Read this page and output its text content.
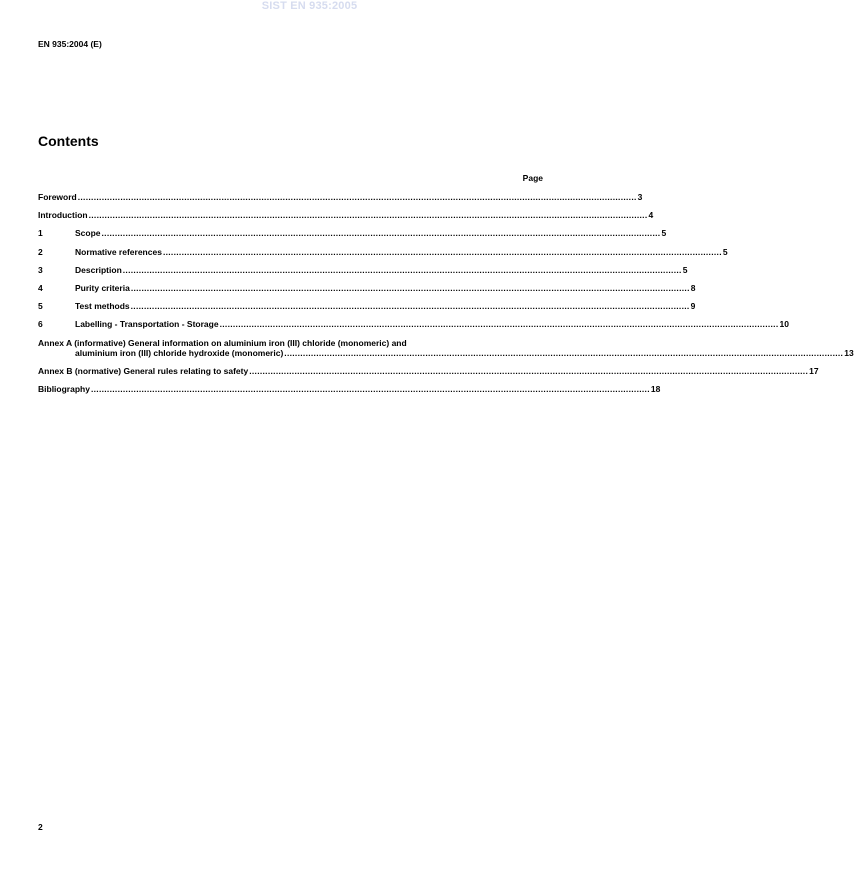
SIST EN 935:2005
EN 935:2004 (E)
Contents
Page
Foreword .................................................................................................................................................................................................................. 3
Introduction .................................................................................................................................................................................................................. 4
1	Scope .................................................................................................................................................................................................................. 5
2	Normative references .................................................................................................................................................................................................................. 5
3	Description .................................................................................................................................................................................................................. 5
4	Purity criteria .................................................................................................................................................................................................................. 8
5	Test methods .................................................................................................................................................................................................................. 9
6	Labelling - Transportation - Storage .................................................................................................................................................................................................................. 10
Annex A (informative) General information on aluminium iron (III) chloride (monomeric) and
aluminium iron (III) chloride hydroxide (monomeric) .................................................................................................................................................................................................................. 13
Annex B (normative) General rules relating to safety .................................................................................................................................................................................................................. 17
Bibliography .................................................................................................................................................................................................................. 18
2
